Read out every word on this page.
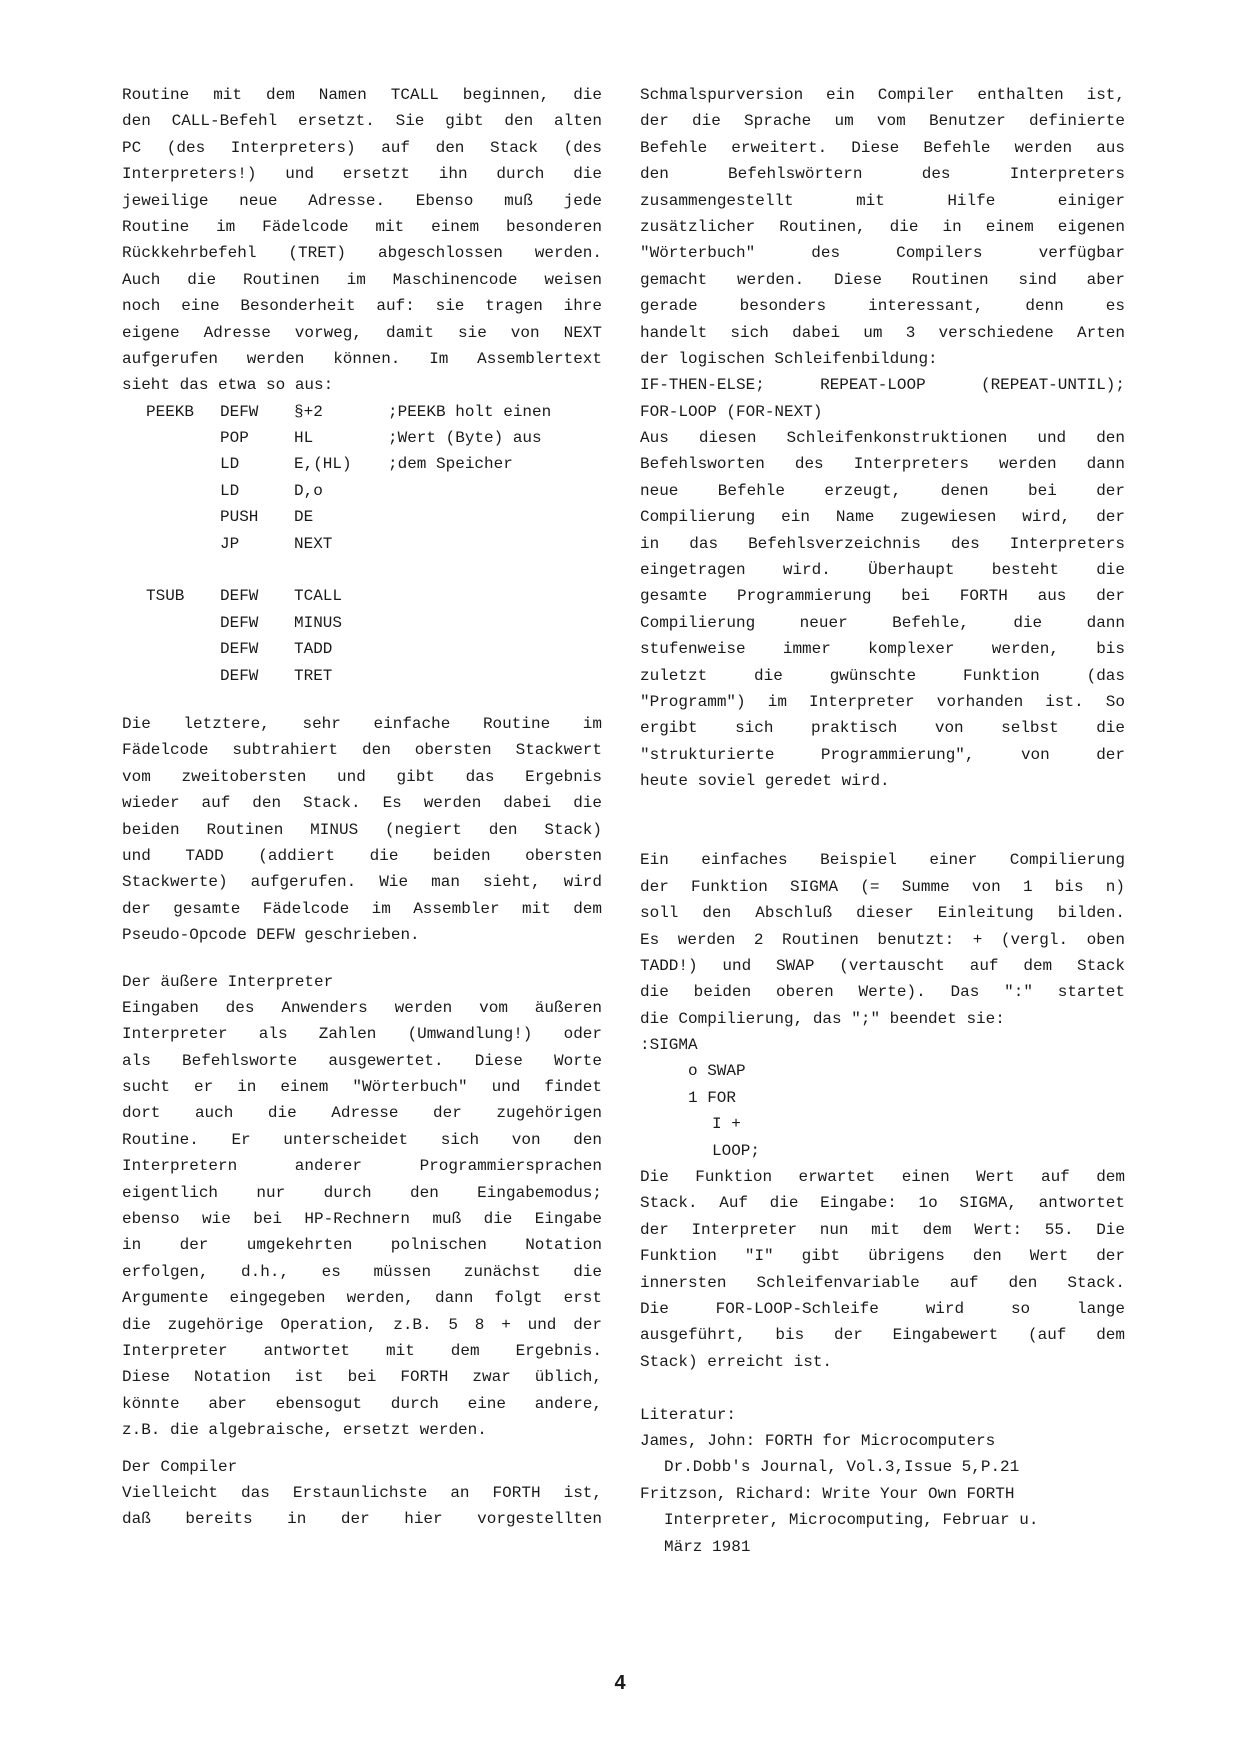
Routine mit dem Namen TCALL beginnen, die
den CALL-Befehl ersetzt. Sie gibt den alten
PC (des Interpreters) auf den Stack (des
Interpreters!) und ersetzt ihn durch die
jeweilige neue Adresse. Ebenso muß jede
Routine im Fädelcode mit einem besonderen
Rückkehrbefehl (TRET) abgeschlossen werden.
Auch die Routinen im Maschinencode weisen
noch eine Besonderheit auf: sie tragen ihre
eigene Adresse vorweg, damit sie von NEXT
aufgerufen werden können. Im Assemblertext
sieht das etwa so aus:
PEEKB	DEFW	§+2	;PEEKB holt einen
POP	HL	;Wert (Byte) aus
LD	E,(HL)	;dem Speicher
LD	D,o
PUSH	DE
JP	NEXT
TSUB	DEFW	TCALL
DEFW	MINUS
DEFW	TADD
DEFW	TRET
Die letztere, sehr einfache Routine im
Fädelcode subtrahiert den obersten Stackwert
vom zweitobersten und gibt das Ergebnis
wieder auf den Stack. Es werden dabei die
beiden Routinen MINUS (negiert den Stack)
und TADD (addiert die beiden obersten
Stackwerte) aufgerufen. Wie man sieht, wird
der gesamte Fädelcode im Assembler mit dem
Pseudo-Opcode DEFW geschrieben.
Der äußere Interpreter
Eingaben des Anwenders werden vom äußeren
Interpreter als Zahlen (Umwandlung!) oder
als Befehlsworte ausgewertet. Diese Worte
sucht er in einem "Wörterbuch" und findet
dort auch die Adresse der zugehörigen
Routine. Er unterscheidet sich von den
Interpretern anderer Programmiersprachen
eigentlich nur durch den Eingabemodus;
ebenso wie bei HP-Rechnern muß die Eingabe
in der umgekehrten polnischen Notation
erfolgen, d.h., es müssen zunächst die
Argumente eingegeben werden, dann folgt erst
die zugehörige Operation, z.B. 5 8 + und der
Interpreter antwortet mit dem Ergebnis.
Diese Notation ist bei FORTH zwar üblich,
könnte aber ebensogut durch eine andere,
z.B. die algebraische, ersetzt werden.
Der Compiler
Vielleicht das Erstaunlichste an FORTH ist,
daß bereits in der hier vorgestellten
Schmalspurversion ein Compiler enthalten ist,
der die Sprache um vom Benutzer definierte
Befehle erweitert. Diese Befehle werden aus
den Befehlswörtern des Interpreters
zusammengestellt mit Hilfe einiger
zusätzlicher Routinen, die in einem eigenen
"Wörterbuch" des Compilers verfügbar
gemacht werden. Diese Routinen sind aber
gerade besonders interessant, denn es
handelt sich dabei um 3 verschiedene Arten
der logischen Schleifenbildung:
IF-THEN-ELSE; REPEAT-LOOP (REPEAT-UNTIL);
FOR-LOOP (FOR-NEXT)
Aus diesen Schleifenkonstruktionen und den
Befehlsworten des Interpreters werden dann
neue Befehle erzeugt, denen bei der
Compilierung ein Name zugewiesen wird, der
in das Befehlsverzeichnis des Interpreters
eingetragen wird. Überhaupt besteht die
gesamte Programmierung bei FORTH aus der
Compilierung neuer Befehle, die dann
stufenweise immer komplexer werden, bis
zuletzt die gwünschte Funktion (das
"Programm") im Interpreter vorhanden ist. So
ergibt sich praktisch von selbst die
"strukturierte Programmierung", von der
heute soviel geredet wird.
Ein einfaches Beispiel einer Compilierung
der Funktion SIGMA (= Summe von 1 bis n)
soll den Abschluß dieser Einleitung bilden.
Es werden 2 Routinen benutzt: + (vergl. oben
TADD!) und SWAP (vertauscht auf dem Stack
die beiden oberen Werte). Das ":" startet
die Compilierung, das ";" beendet sie:
:SIGMA
o SWAP
1 FOR
I +
LOOP;
Die Funktion erwartet einen Wert auf dem
Stack. Auf die Eingabe: 1o SIGMA, antwortet
der Interpreter nun mit dem Wert: 55. Die
Funktion "I" gibt übrigens den Wert der
innersten Schleifenvariable auf den Stack.
Die FOR-LOOP-Schleife wird so lange
ausgeführt, bis der Eingabewert (auf dem
Stack) erreicht ist.
Literatur:
James, John: FORTH for Microcomputers
Dr.Dobb's Journal, Vol.3,Issue 5,P.21
Fritzson, Richard: Write Your Own FORTH
Interpreter, Microcomputing, Februar u.
März 1981
4
